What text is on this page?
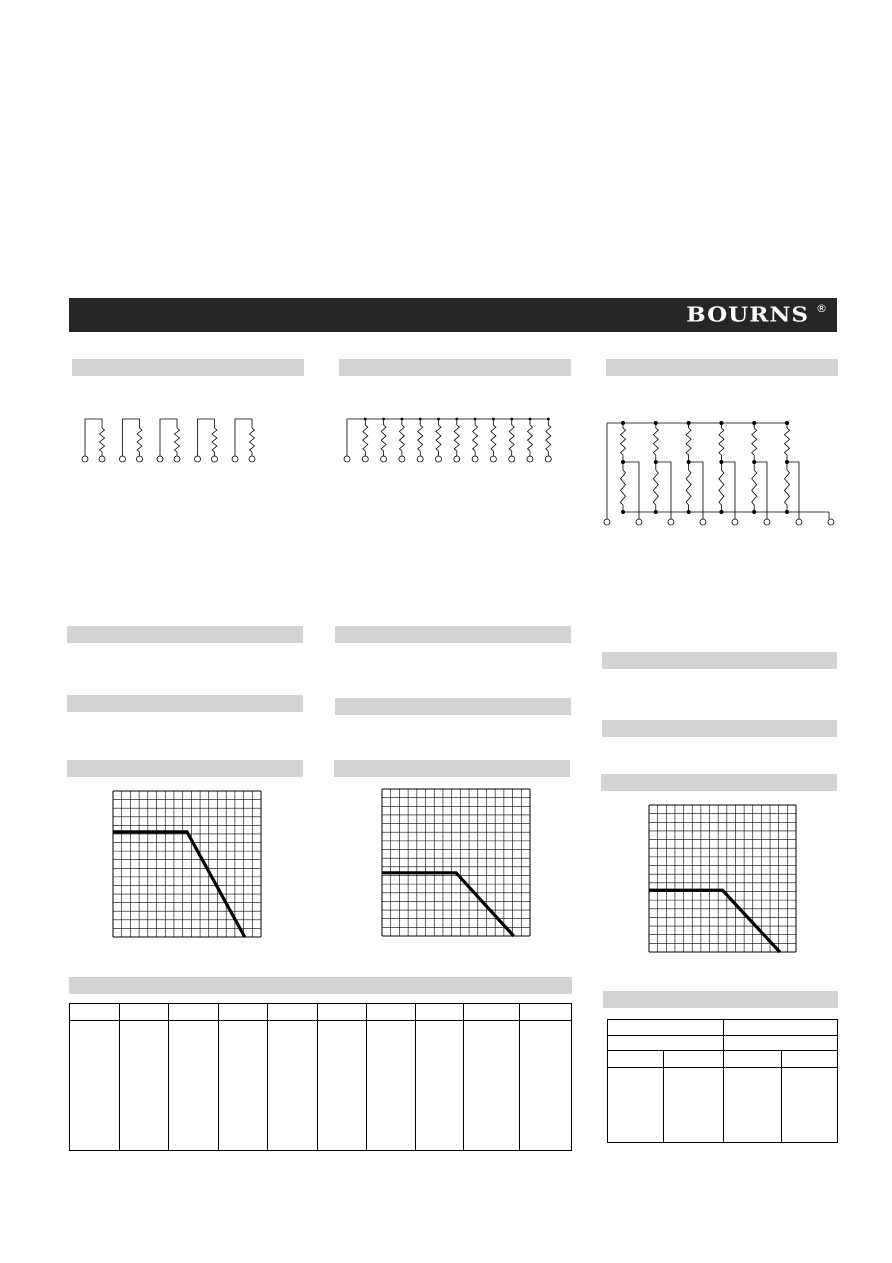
BOURNS ®
